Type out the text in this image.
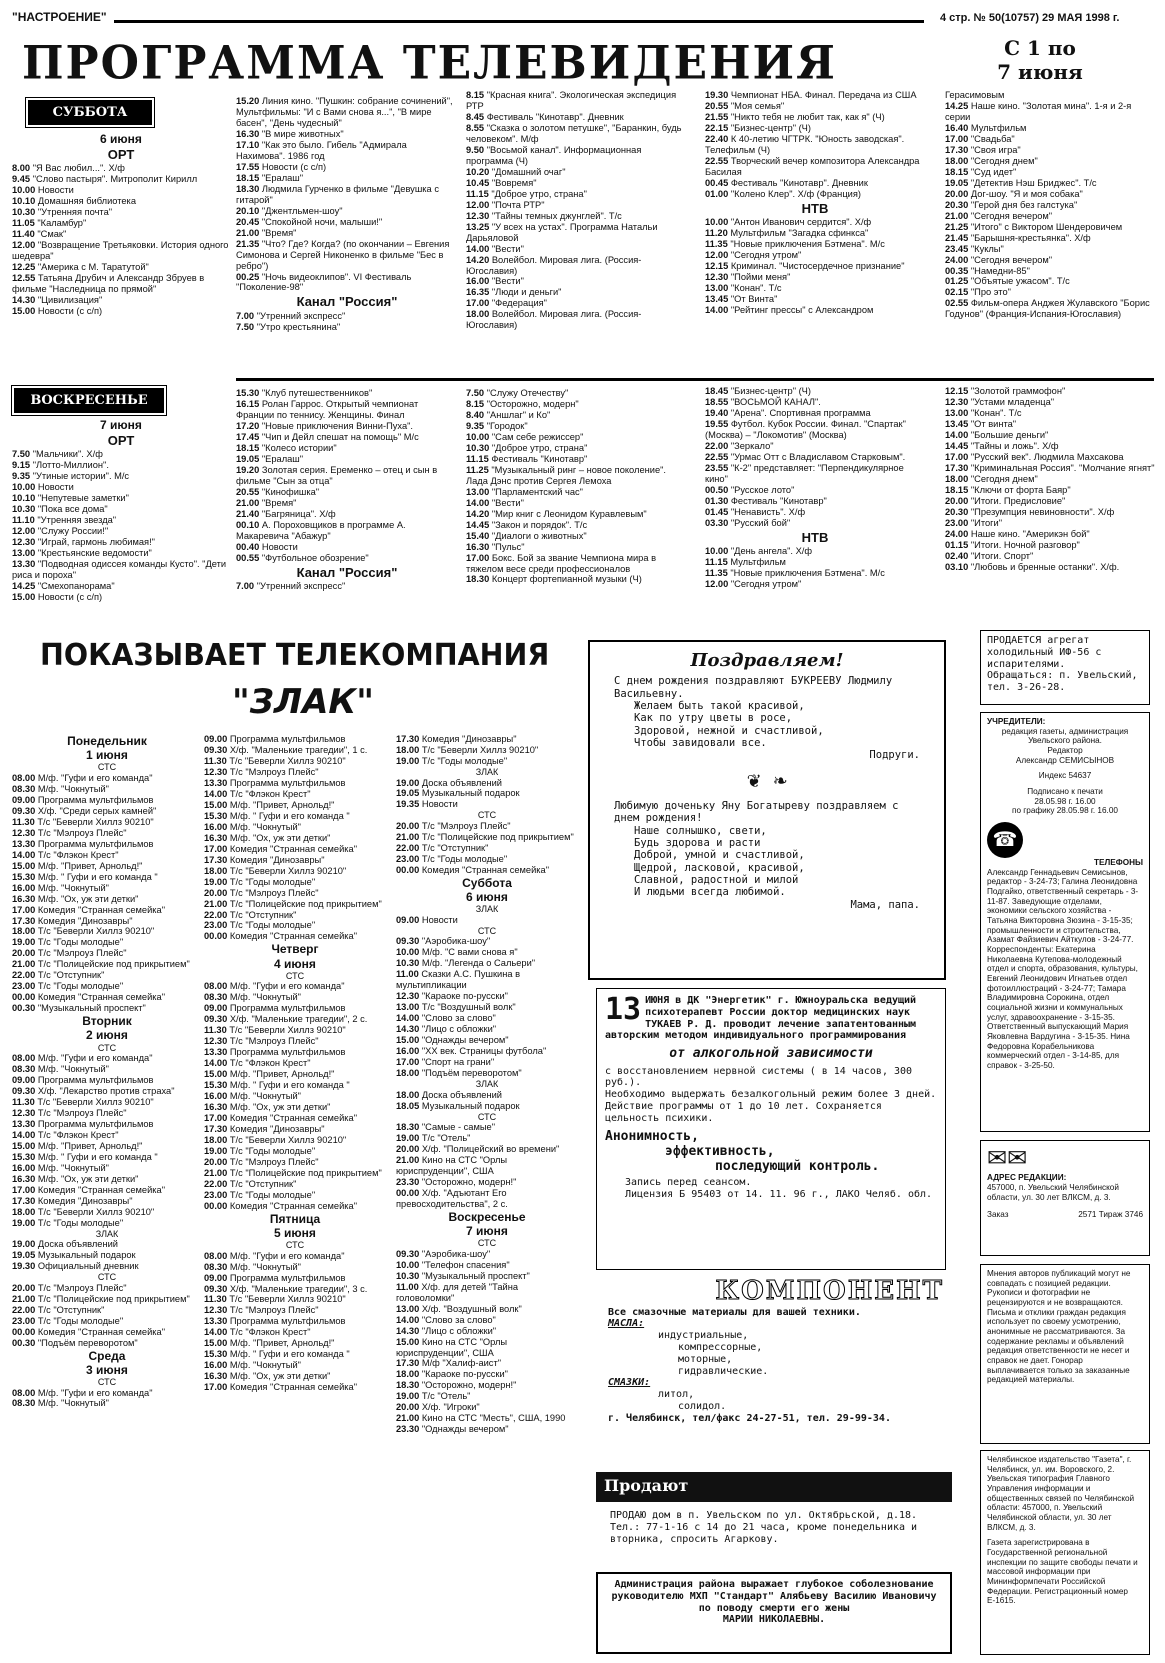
"НАСТРОЕНИЕ"	4 стр. № 50(10757) 29 МАЯ 1998 г.
ПРОГРАММА ТЕЛЕВИДЕНИЯ	С 1 по
7 июня
СУББОТА
6 июня
ОРТ
8.00 "Я Вас любил...". Х/ф
9.45 "Слово пастыря". Митрополит Кирилл
10.00 Новости
10.10 Домашняя библиотека
10.30 "Утренняя почта"
11.05 "Каламбур"
11.40 "Смак"
12.00 "Возвращение Третьяковки. История одного шедевра"
12.25 "Америка с М. Таратутой"
12.55 Татьяна Друбич и Александр Збруев в фильме "Наследница по прямой"
14.30 "Цивилизация"
15.00 Новости (с с/п)
15.20 Линия кино. "Пушкин: собрание сочинений", Мультфильмы: "И с Вами снова я...", "В мире басен", "День чудесный"
16.30 "В мире животных"
17.10 "Как это было. Гибель "Адмирала Нахимова". 1986 год
17.55 Новости (с с/п)
18.15 "Ералаш"
18.30 Людмила Гурченко в фильме "Девушка с гитарой"
20.10 "Джентльмен-шоу"
20.45 "Спокойной ночи, малыши!"
21.00 "Время"
21.35 "Что? Где? Когда? (по окончании – Евгения Симонова и Сергей Никоненко в фильме "Бес в ребро")
00.25 "Ночь видеоклипов". VI Фестиваль "Поколение-98"
Канал "Россия"
7.00 "Утренний экспресс"
7.50 "Утро крестьянина"
8.15 "Красная книга". Экологическая экспедиция РТР
8.45 Фестиваль "Кинотавр". Дневник
8.55 "Сказка о золотом петушке", "Баранкин, будь человеком". М/ф
9.50 "Восьмой канал". Информационная программа (Ч)
10.20 "Домашний очаг"
10.45 "Вовремя"
11.15 "Доброе утро, страна"
12.00 "Почта РТР"
12.30 "Тайны темных джунглей". Т/с
13.25 "У всех на устах". Программа Натальи Дарьяловой
14.00 "Вести"
14.20 Волейбол. Мировая лига. (Россия-Югославия)
16.00 "Вести"
16.35 "Люди и деньги"
17.00 "Федерация"
18.00 Волейбол. Мировая лига. (Россия-Югославия)
19.30 Чемпионат НБА. Финал. Передача из США
20.55 "Моя семья"
21.55 "Никто тебя не любит так, как я" (Ч)
22.15 "Бизнес-центр" (Ч)
22.40 К 40-летию ЧГТРК. "Юность заводская". Телефильм (Ч)
22.55 Творческий вечер композитора Александра Басилая
00.45 Фестиваль "Кинотавр". Дневник
01.00 "Колено Клер". Х/ф (Франция)
НТВ
10.00 "Антон Иванович сердится". Х/ф
11.20 Мультфильм "Загадка сфинкса"
11.35 "Новые приключения Бэтмена". М/с
12.00 "Сегодня утром"
12.15 Криминал. "Чистосердечное признание"
12.30 "Пойми меня"
13.00 "Конан". Т/с
13.45 "От Винта"
14.00 "Рейтинг прессы" с Александром
Герасимовым
14.25 Наше кино. "Золотая мина". 1-я и 2-я серии
16.40 Мультфильм
17.00 "Свадьба"
17.30 "Своя игра"
18.00 "Сегодня днем"
18.15 "Суд идет"
19.05 "Детектив Нэш Бриджес". Т/с
20.00 Дог-шоу. "Я и моя собака"
20.30 "Герой дня без галстука"
21.00 "Сегодня вечером"
21.25 "Итого" с Виктором Шендеровичем
21.45 "Барышня-крестьянка". Х/ф
23.45 "Куклы"
24.00 "Сегодня вечером"
00.35 "Намедни-85"
01.25 "Объятые ужасом". Т/с
02.15 "Про это"
02.55 Фильм-опера Анджея Жулавского "Борис Годунов" (Франция-Испания-Югославия)
ВОСКРЕСЕНЬЕ
7 июня
ОРТ
7.50 "Мальчики". Х/ф
9.15 "Лотто-Миллион".
9.35 "Утиные истории". М/с
10.00 Новости
10.10 "Непутевые заметки"
10.30 "Пока все дома"
11.10 "Утренняя звезда"
12.00 "Служу России!"
12.30 "Играй, гармонь любимая!"
13.00 "Крестьянские ведомости"
13.30 "Подводная одиссея команды Кусто". "Дети риса и пороха"
14.25 "Смехопанорама"
15.00 Новости (с с/п)
15.30 "Клуб путешественников"
16.15 Ролан Гаррос. Открытый чемпионат Франции по теннису. Женщины. Финал
17.20 "Новые приключения Винни-Пуха".
17.45 "Чип и Дейл спешат на помощь" М/с
18.15 "Колесо истории"
19.05 "Ералаш"
19.20 Золотая серия. Еременко – отец и сын в фильме "Сын за отца"
20.55 "Кинофишка"
21.00 "Время"
21.40 "Багряница". Х/ф
00.10 А. Пороховщиков в программе А. Макаревича "Абажур"
00.40 Новости
00.55 "Футбольное обозрение"
Канал "Россия"
7.00 "Утренний экспресс"
7.50 "Служу Отечеству"
8.15 "Осторожно, модерн"
8.40 "Аншлаг" и Ко"
9.35 "Городок"
10.00 "Сам себе режиссер"
10.30 "Доброе утро, страна"
11.15 Фестиваль "Кинотавр"
11.25 "Музыкальный ринг – новое поколение". Лада Дэнс против Сергея Лемоха
13.00 "Парламентский час"
14.00 "Вести"
14.20 "Мир книг с Леонидом Куравлевым"
14.45 "Закон и порядок". Т/с
15.40 "Диалоги о животных"
16.30 "Пульс"
17.00 Бокс. Бой за звание Чемпиона мира в тяжелом весе среди профессионалов
18.30 Концерт фортепианной музыки (Ч)
18.45 "Бизнес-центр" (Ч)
18.55 "ВОСЬМОЙ КАНАЛ".
19.40 "Арена". Спортивная программа
19.55 Футбол. Кубок России. Финал. "Спартак" (Москва) – "Локомотив" (Москва)
22.00 "Зеркало"
22.55 "Урмас Отт с Владиславом Старковым".
23.55 "К-2" представляет: "Перпендикулярное кино"
00.50 "Русское лото"
01.30 Фестиваль "Кинотавр"
01.45 "Ненависть". Х/ф
03.30 "Русский бой"
НТВ
10.00 "День ангела". Х/ф
11.15 Мультфильм
11.35 "Новые приключения Бэтмена". М/с
12.00 "Сегодня утром"
12.15 "Золотой граммофон"
12.30 "Устами младенца"
13.00 "Конан". Т/с
13.45 "От винта"
14.00 "Большие деньги"
14.45 "Тайны и ложь". Х/ф
17.00 "Русский век". Людмила Махсакова
17.30 "Криминальная Россия". "Молчание ягнят"
18.00 "Сегодня днем"
18.15 "Ключи от форта Баяр"
20.00 "Итоги. Предисловие"
20.30 "Презумпция невиновности". Х/ф
23.00 "Итоги"
24.00 Наше кино. "Америкэн бой"
01.15 "Итоги. Ночной разговор"
02.40 "Итоги. Спорт"
03.10 "Любовь и бренные останки". Х/ф.
ПОКАЗЫВАЕТ ТЕЛЕКОМПАНИЯ
"ЗЛАК"
Понедельник
1 июня
СТС
08.00 М/ф. "Гуфи и его команда"
08.30 М/ф. "Чокнутый"
09.00 Программа мультфильмов
09.30 Х/ф. "Среди серых камней"
11.30 Т/с "Беверли Хиллз 90210"
12.30 Т/с "Мэлроуз Плейс"
13.30 Программа мультфильмов
14.00 Т/с "Флэкон Крест"
15.00 М/ф. "Привет, Арнольд!"
15.30 М/ф. " Гуфи и его команда "
16.00 М/ф. "Чокнутый"
16.30 М/ф. "Ох, уж эти детки"
17.00 Комедия "Странная семейка"
17.30 Комедия "Динозавры"
18.00 Т/с "Беверли Хиллз 90210"
19.00 Т/с "Годы молодые"
20.00 Т/с "Мэлроуз Плейс"
21.00 Т/с "Полицейские под прикрытием"
22.00 Т/с "Отступник"
23.00 Т/с "Годы молодые"
00.00 Комедия "Странная семейка"
00.30 "Музыкальный проспект"
Вторник
2 июня
СТС
08.00 М/ф. "Гуфи и его команда"
08.30 М/ф. "Чокнутый"
09.00 Программа мультфильмов
09.30 Х/ф. "Лекарство против страха"
11.30 Т/с "Беверли Хиллз 90210"
12.30 Т/с "Мэлроуз Плейс"
13.30 Программа мультфильмов
14.00 Т/с "Флэкон Крест"
15.00 М/ф. "Привет, Арнольд!"
15.30 М/ф. " Гуфи и его команда "
16.00 М/ф. "Чокнутый"
16.30 М/ф. "Ох, уж эти детки"
17.00 Комедия "Странная семейка"
17.30 Комедия "Динозавры"
18.00 Т/с "Беверли Хиллз 90210"
19.00 Т/с "Годы молодые"
ЗЛАК
19.00 Доска объявлений
19.05 Музыкальный подарок
19.30 Официальный дневник
СТС
20.00 Т/с "Мэлроуз Плейс"
21.00 Т/с "Полицейские под прикрытием"
22.00 Т/с "Отступник"
23.00 Т/с "Годы молодые"
00.00 Комедия "Странная семейка"
00.30 "Подъём переворотом"
Среда
3 июня
СТС
08.00 М/ф. "Гуфи и его команда"
08.30 М/ф. "Чокнутый"
09.00 Программа мультфильмов
09.30 Х/ф. "Маленькие трагедии", 1 с.
11.30 Т/с "Беверли Хиллз 90210"
12.30 Т/с "Мэлроуз Плейс"
13.30 Программа мультфильмов
14.00 Т/с "Флэкон Крест"
15.00 М/ф. "Привет, Арнольд!"
15.30 М/ф. " Гуфи и его команда "
16.00 М/ф. "Чокнутый"
16.30 М/ф. "Ох, уж эти детки"
17.00 Комедия "Странная семейка"
17.30 Комедия "Динозавры"
18.00 Т/с "Беверли Хиллз 90210"
19.00 Т/с "Годы молодые"
20.00 Т/с "Мэлроуз Плейс"
21.00 Т/с "Полицейские под прикрытием"
22.00 Т/с "Отступник"
23.00 Т/с "Годы молодые"
00.00 Комедия "Странная семейка"
Четверг
4 июня
СТС
08.00 М/ф. "Гуфи и его команда"
08.30 М/ф. "Чокнутый"
09.00 Программа мультфильмов
09.30 Х/ф. "Маленькие трагедии", 2 с.
11.30 Т/с "Беверли Хиллз 90210"
12.30 Т/с "Мэлроуз Плейс"
13.30 Программа мультфильмов
14.00 Т/с "Флэкон Крест"
15.00 М/ф. "Привет, Арнольд!"
15.30 М/ф. " Гуфи и его команда "
16.00 М/ф. "Чокнутый"
16.30 М/ф. "Ох, уж эти детки"
17.00 Комедия "Странная семейка"
17.30 Комедия "Динозавры"
18.00 Т/с "Беверли Хиллз 90210"
19.00 Т/с "Годы молодые"
20.00 Т/с "Мэлроуз Плейс"
21.00 Т/с "Полицейские под прикрытием"
22.00 Т/с "Отступник"
23.00 Т/с "Годы молодые"
00.00 Комедия "Странная семейка"
Пятница
5 июня
СТС
08.00 М/ф. "Гуфи и его команда"
08.30 М/ф. "Чокнутый"
09.00 Программа мультфильмов
09.30 Х/ф. "Маленькие трагедии", 3 с.
11.30 Т/с "Беверли Хиллз 90210"
12.30 Т/с "Мэлроуз Плейс"
13.30 Программа мультфильмов
14.00 Т/с "Флэкон Крест"
15.00 М/ф. "Привет, Арнольд!"
15.30 М/ф. " Гуфи и его команда "
16.00 М/ф. "Чокнутый"
16.30 М/ф. "Ох, уж эти детки"
17.00 Комедия "Странная семейка"
17.30 Комедия "Динозавры"
18.00 Т/с "Беверли Хиллз 90210"
19.00 Т/с "Годы молодые"
ЗЛАК
19.00 Доска объявлений
19.05 Музыкальный подарок
19.35 Новости
СТС
20.00 Т/с "Мэлроуз Плейс"
21.00 Т/с "Полицейские под прикрытием"
22.00 Т/с "Отступник"
23.00 Т/с "Годы молодые"
00.00 Комедия "Странная семейка"
Суббота
6 июня
ЗЛАК
09.00 Новости
СТС
09.30 "Аэробика-шоу"
10.00 М/ф. "С вами снова я"
10.30 М/ф. "Легенда о Сальери"
11.00 Сказки А.С. Пушкина в мультипликации
12.30 "Караоке по-русски"
13.00 Т/с "Воздушный волк"
14.00 "Слово за слово"
14.30 "Лицо с обложки"
15.00 "Однажды вечером"
16.00 "XX век. Страницы футбола"
17.00 "Спорт на грани"
18.00 "Подъём переворотом"
ЗЛАК
18.00 Доска объявлений
18.05 Музыкальный подарок
СТС
18.30 "Самые - самые"
19.00 Т/с "Отель"
20.00 Х/ф. "Полицейский во времени"
21.00 Кино на СТС "Орлы юриспруденции", США
23.30 "Осторожно, модерн!"
00.00 Х/ф. "Адъютант Его превосходительства", 2 с.
Воскресенье
7 июня
СТС
09.30 "Аэробика-шоу"
10.00 "Телефон спасения"
10.30 "Музыкальный проспект"
11.00 Х/ф. для детей "Тайна головоломки"
13.00 Х/ф. "Воздушный волк"
14.00 "Слово за слово"
14.30 "Лицо с обложки"
15.00 Кино на СТС "Орлы юриспруденции", США
17.30 М/ф "Халиф-аист"
18.00 "Караоке по-русски"
18.30 "Осторожно, модерн!"
19.00 Т/с "Отель"
20.00 Х/ф. "Игроки"
21.00 Кино на СТС "Месть", США, 1990
23.30 "Однажды вечером"
Поздравляем!
С днем рождения поздравляют БУКРЕЕВУ Людмилу Васильевну.
Желаем быть такой красивой,
Как по утру цветы в росе,
Здоровой, нежной и счастливой,
Чтобы завидовали все.
Подруги.
❦ ❧
Любимую доченьку Яну Богатыреву поздравляем с днем рождения!
Наше солнышко, свети,
Будь здорова и расти
Доброй, умной и счастливой,
Щедрой, ласковой, красивой,
Славной, радостной и милой
И людьми всегда любимой.
Мама, папа.
13 ИЮНЯ в ДК "Энергетик" г. Южноуральска ведущий психотерапевт России доктор медицинских наук ТУКАЕВ Р. Д. проводит лечение запатентованным авторским методом индивидуального программирования
от алкогольной зависимости
с восстановлением нервной системы ( в 14 часов, 300 руб.).
Необходимо выдержать безалкогольный режим более 3 дней. Действие программы от 1 до 10 лет. Сохраняется цельность психики.
Анонимность,
эффективность,
последующий контроль.
Запись перед сеансом.
Лицензия Б 95403 от 14. 11. 96 г., ЛАКО Челяб. обл.
КОМПОНЕНТ
Все смазочные материалы для вашей техники.
МАСЛА:
индустриальные,
компрессорные,
моторные,
гидравлические.
СМАЗКИ:
литол,
солидол.
г. Челябинск, тел/факс 24-27-51, тел. 29-99-34.
Продают
ПРОДАЮ дом в п. Увельском по ул. Октябрьской, д.18. Тел.: 77-1-16 с 14 до 21 часа, кроме понедельника и вторника, спросить Агаркову.
Администрация района выражает глубокое соболезнование руководителю МХП "Стандарт" Алябьеву Василию Ивановичу по поводу смерти его жены
МАРИИ НИКОЛАЕВНЫ.
ПРОДАЕТСЯ агрегат холодильный ИФ-56 с испарителями.
Обращаться: п. Увельский, тел. 3-26-28.
УЧРЕДИТЕЛИ:
редакция газеты, администрация Увельского района.
Редактор
Александр СЕМИСЫНОВ
Индекс 54637
Подписано к печати
28.05.98 г. 16.00
по графику 28.05.98 г. 16.00
☎
ТЕЛЕФОНЫ
Александр Геннадьевич Семисынов, редактор - 3-24-73; Галина Леонидовна Подгайко, ответственный секретарь - 3-11-87. Заведующие отделами, экономики сельского хозяйства - Татьяна Викторовна Зюзина - 3-15-35; промышленности и строительства, Азамат Файзиевич Айткулов - 3-24-77. Корреспонденты: Екатерина Николаевна Кутепова-молодежный отдел и спорта, образования, культуры, Евгений Леонидович Игнатьев отдел фотоиллюстраций - 3-24-77; Тамара Владимировна Сорокина, отдел социальной жизни и коммунальных услуг, здравоохранение - 3-15-35. Ответственный выпускающий Мария Яковлевна Вардугина - 3-15-35. Нина Федоровна Корабельникова коммерческий отдел - 3-14-85, для справок - 3-25-50.
✉✉
АДРЕС РЕДАКЦИИ:
457000, п. Увельский Челябинской области, ул. 30 лет ВЛКСМ, д. 3.
Заказ	2571 Тираж 3746
Мнения авторов публикаций могут не совпадать с позицией редакции. Рукописи и фотографии не рецензируются и не возвращаются. Письма и отклики граждан редакция использует по своему усмотрению, анонимные не рассматриваются. За содержание рекламы и объявлений редакция ответственности не несет и справок не дает. Гонорар выплачивается только за заказанные редакцией материалы.
Челябинское издательство "Газета", г. Челябинск, ул. им. Воровского, 2. Увельская типография Главного Управления информации и общественных связей по Челябинской области: 457000, п. Увельский Челябинской области, ул. 30 лет ВЛКСМ, д. 3.
Газета зарегистрирована в Государственной региональной инспекции по защите свободы печати и массовой информации при Мининформпечати Российской Федерации. Регистрационный номер Е-1615.
